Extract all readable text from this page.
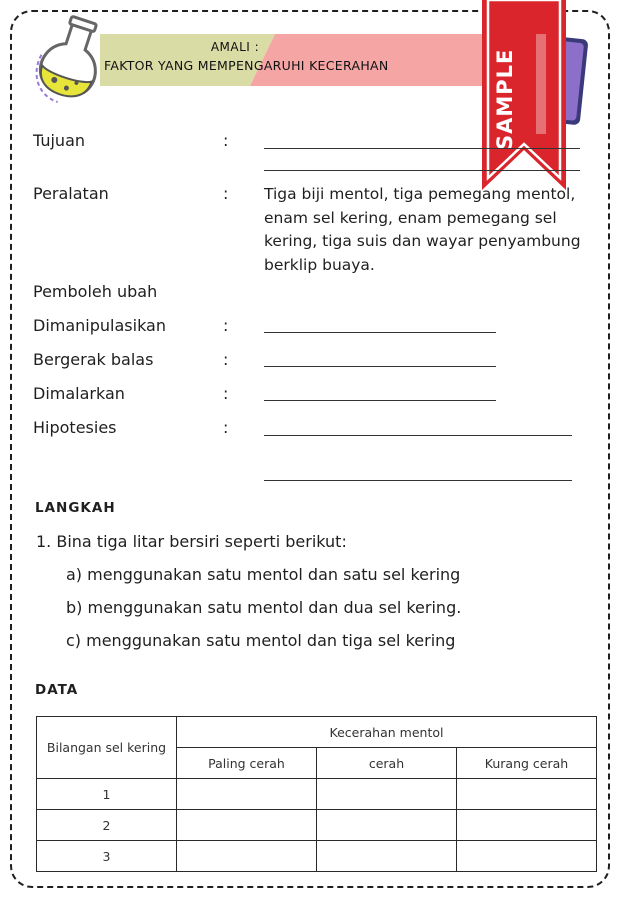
AMALI :
FAKTOR YANG MEMPENGARUHI KECERAHAN	SAMPLE
Tujuan	:
Peralatan	: Tiga biji mentol, tiga pemegang mentol,
enam sel kering, enam pemegang sel
kering, tiga suis dan wayar penyambung
berklip buaya.
Pemboleh ubah
Dimanipulasikan	:
Bergerak balas	:
Dimalarkan	:
Hipotesies	:
LANGKAH
1. Bina tiga litar bersiri seperti berikut:
a) menggunakan satu mentol dan satu sel kering
b) menggunakan satu mentol dan dua sel kering.
c) menggunakan satu mentol dan tiga sel kering
DATA
Bilangan sel kering	Kecerahan mentol		
	Paling cerah	cerah	Kurang cerah
1			
2			
3			
